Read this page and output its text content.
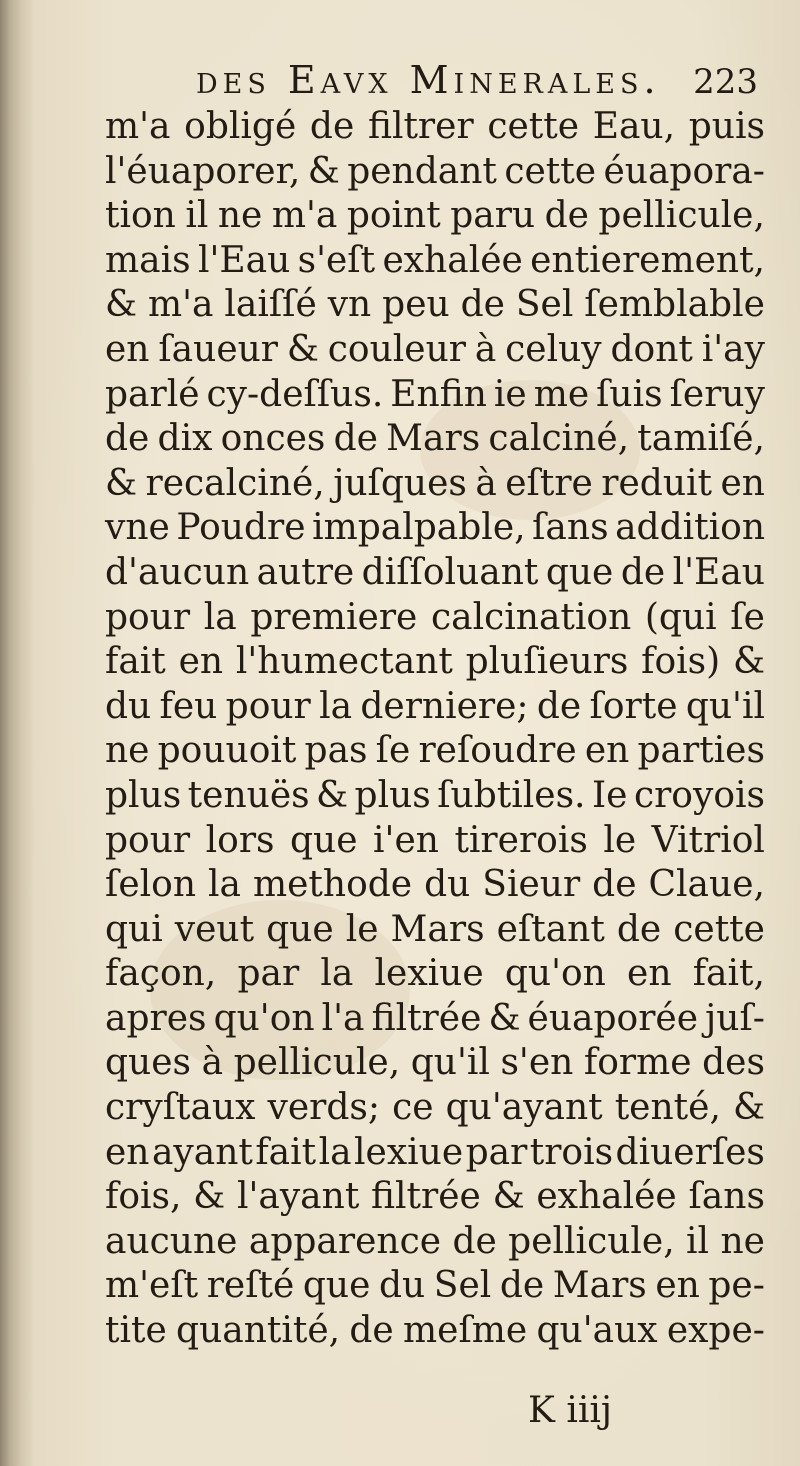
des Eavx Minerales. 223
m'a obligé de filtrer cette Eau, puis
l'éuaporer, & pendant cette éuapora-
tion il ne m'a point paru de pellicule,
mais l'Eau s'eſt exhalée entierement,
& m'a laiſſé vn peu de Sel ſemblable
en ſaueur & couleur à celuy dont i'ay
parlé cy-deſſus. Enfin ie me ſuis ſeruy
de dix onces de Mars calciné, tamiſé,
& recalciné, juſques à eſtre reduit en
vne Poudre impalpable, ſans addition
d'aucun autre diſſoluant que de l'Eau
pour la premiere calcination (qui ſe
fait en l'humectant pluſieurs fois) &
du feu pour la derniere; de ſorte qu'il
ne pouuoit pas ſe reſoudre en parties
plus tenuës & plus ſubtiles. Ie croyois
pour lors que i'en tirerois le Vitriol
ſelon la methode du Sieur de Claue,
qui veut que le Mars eſtant de cette
façon, par la lexiue qu'on en fait,
apres qu'on l'a filtrée & éuaporée juſ-
ques à pellicule, qu'il s'en forme des
cryſtaux verds; ce qu'ayant tenté, &
en ayant fait la lexiue par trois diuerſes
fois, & l'ayant filtrée & exhalée ſans
aucune apparence de pellicule, il ne
m'eſt reſté que du Sel de Mars en pe-
tite quantité, de meſme qu'aux expe-
K iiij
